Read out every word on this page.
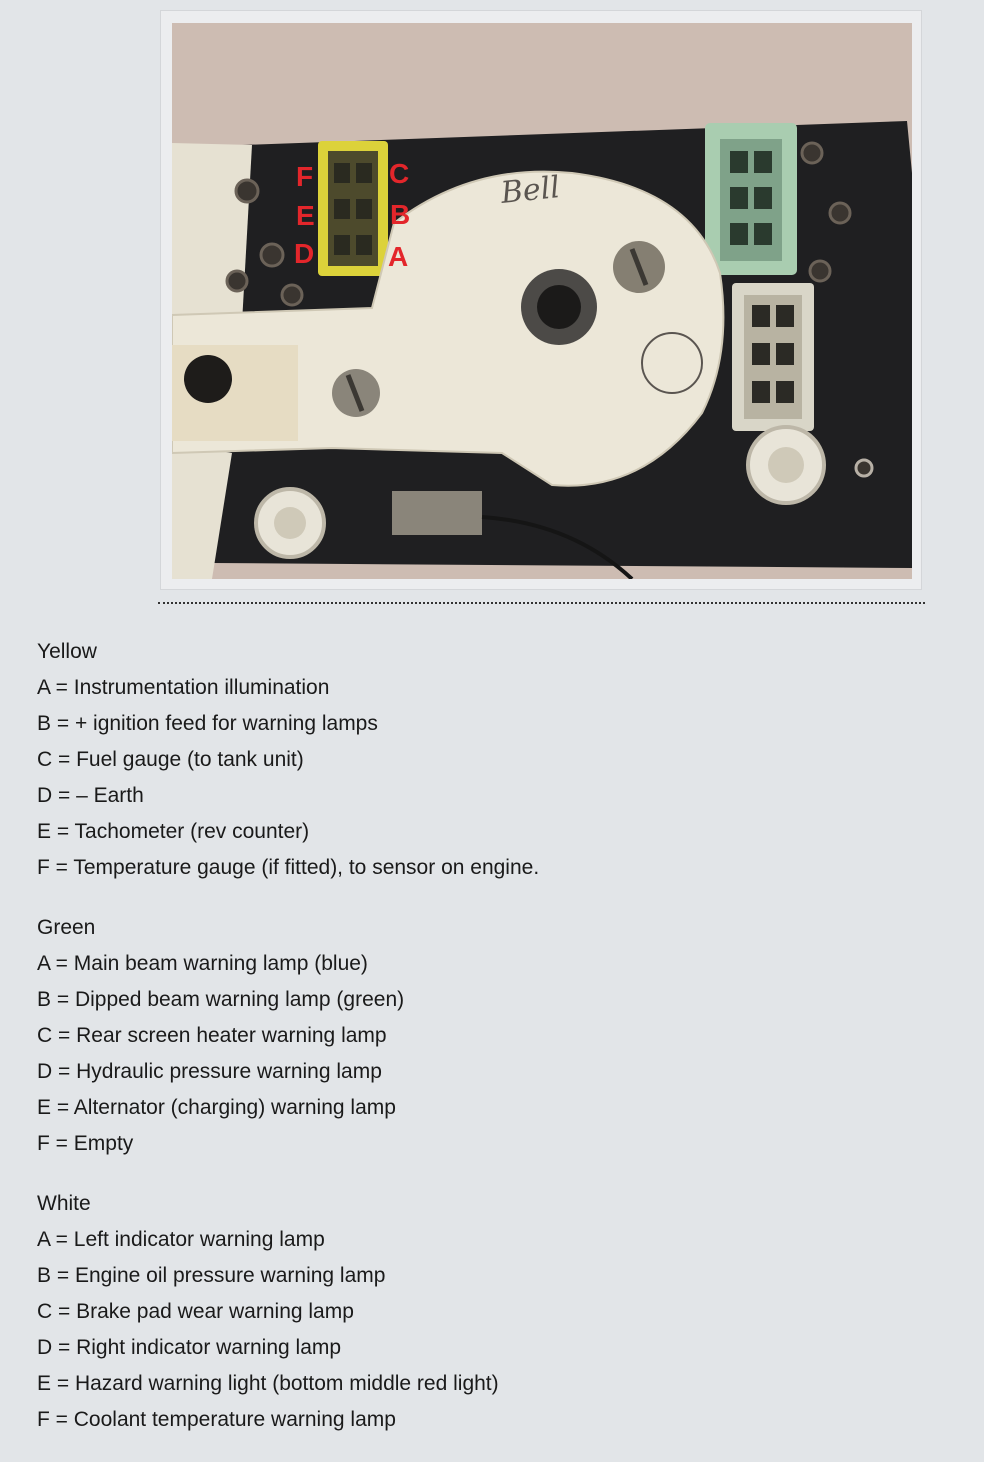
Bell
F
E
D
C
B
A
Yellow
A = Instrumentation illumination
B = + ignition feed for warning lamps
C = Fuel gauge (to tank unit)
D = – Earth
E = Tachometer (rev counter)
F = Temperature gauge (if fitted), to sensor on engine.
Green
A = Main beam warning lamp (blue)
B = Dipped beam warning lamp (green)
C = Rear screen heater warning lamp
D = Hydraulic pressure warning lamp
E = Alternator (charging) warning lamp
F = Empty
White
A = Left indicator warning lamp
B = Engine oil pressure warning lamp
C = Brake pad wear warning lamp
D = Right indicator warning lamp
E = Hazard warning light (bottom middle red light)
F = Coolant temperature warning lamp
